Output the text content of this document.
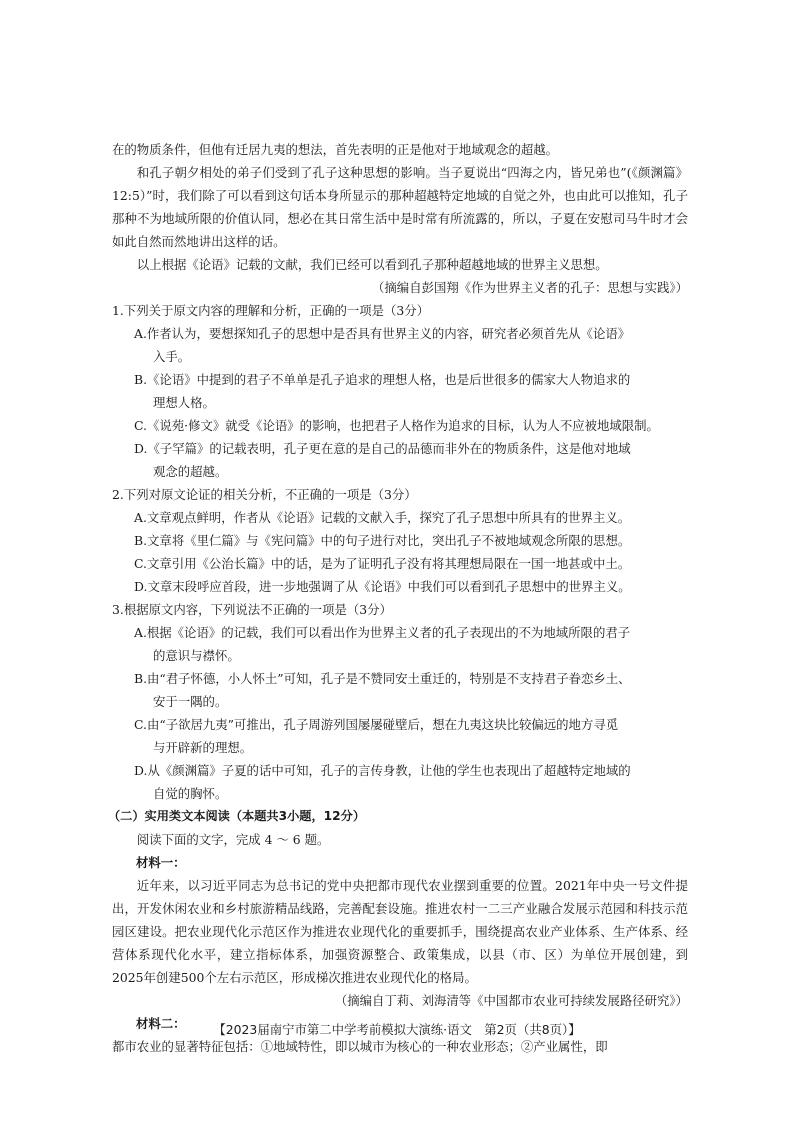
在的物质条件，但他有迁居九夷的想法，首先表明的正是他对于地域观念的超越。

和孔子朝夕相处的弟子们受到了孔子这种思想的影响。当子夏说出“四海之内，皆兄弟也”(《颜渊篇》12:5）”时，我们除了可以看到这句话本身所显示的那种超越特定地域的自觉之外，也由此可以推知，孔子那种不为地域所限的价值认同，想必在其日常生活中是时常有所流露的，所以，子夏在安慰司马牛时才会如此自然而然地讲出这样的话。

以上根据《论语》记载的文献，我们已经可以看到孔子那种超越地域的世界主义思想。

（摘编自彭国翔《作为世界主义者的孔子：思想与实践》）

1.下列关于原文内容的理解和分析，正确的一项是（3分）

A.作者认为，要想探知孔子的思想中是否具有世界主义的内容，研究者必须首先从《论语》
入手。

B.《论语》中提到的君子不单单是孔子追求的理想人格，也是后世很多的儒家大人物追求的
理想人格。

C.《说苑·修文》就受《论语》的影响，也把君子人格作为追求的目标，认为人不应被地域限制。

D.《子罕篇》的记载表明，孔子更在意的是自己的品德而非外在的物质条件，这是他对地域
观念的超越。

2.下列对原文论证的相关分析，不正确的一项是（3分）

A.文章观点鲜明，作者从《论语》记载的文献入手，探究了孔子思想中所具有的世界主义。

B.文章将《里仁篇》与《宪问篇》中的句子进行对比，突出孔子不被地域观念所限的思想。

C.文章引用《公治长篇》中的话，是为了证明孔子没有将其理想局限在一国一地甚或中土。

D.文章末段呼应首段，进一步地强调了从《论语》中我们可以看到孔子思想中的世界主义。

3.根据原文内容，下列说法不正确的一项是（3分）

A.根据《论语》的记载，我们可以看出作为世界主义者的孔子表现出的不为地域所限的君子
的意识与襟怀。

B.由“君子怀德，小人怀土”可知，孔子是不赞同安土重迁的，特别是不支持君子眷恋乡土、
安于一隅的。

C.由“子欲居九夷”可推出，孔子周游列国屡屡碰壁后，想在九夷这块比较偏远的地方寻觅
与开辟新的理想。

D.从《颜渊篇》子夏的话中可知，孔子的言传身教，让他的学生也表现出了超越特定地域的
自觉的胸怀。

（二）实用类文本阅读（本题共3小题，12分）

阅读下面的文字，完成 4 ～ 6 题。

材料一：

近年来，以习近平同志为总书记的党中央把都市现代农业摆到重要的位置。2021年中央一号文件提出，开发休闲农业和乡村旅游精品线路，完善配套设施。推进农村一二三产业融合发展示范园和科技示范园区建设。把农业现代化示范区作为推进农业现代化的重要抓手，围绕提高农业产业体系、生产体系、经营体系现代化水平，建立指标体系，加强资源整合、政策集成，以县（市、区）为单位开展创建，到2025年创建500个左右示范区，形成梯次推进农业现代化的格局。

（摘编自丁莉、刘海清等《中国都市农业可持续发展路径研究》）

材料二：

都市农业的显著特征包括：①地域特性，即以城市为核心的一种农业形态；②产业属性，即

【2023届南宁市第二中学考前模拟大演练·语文　第2页（共8页）】
